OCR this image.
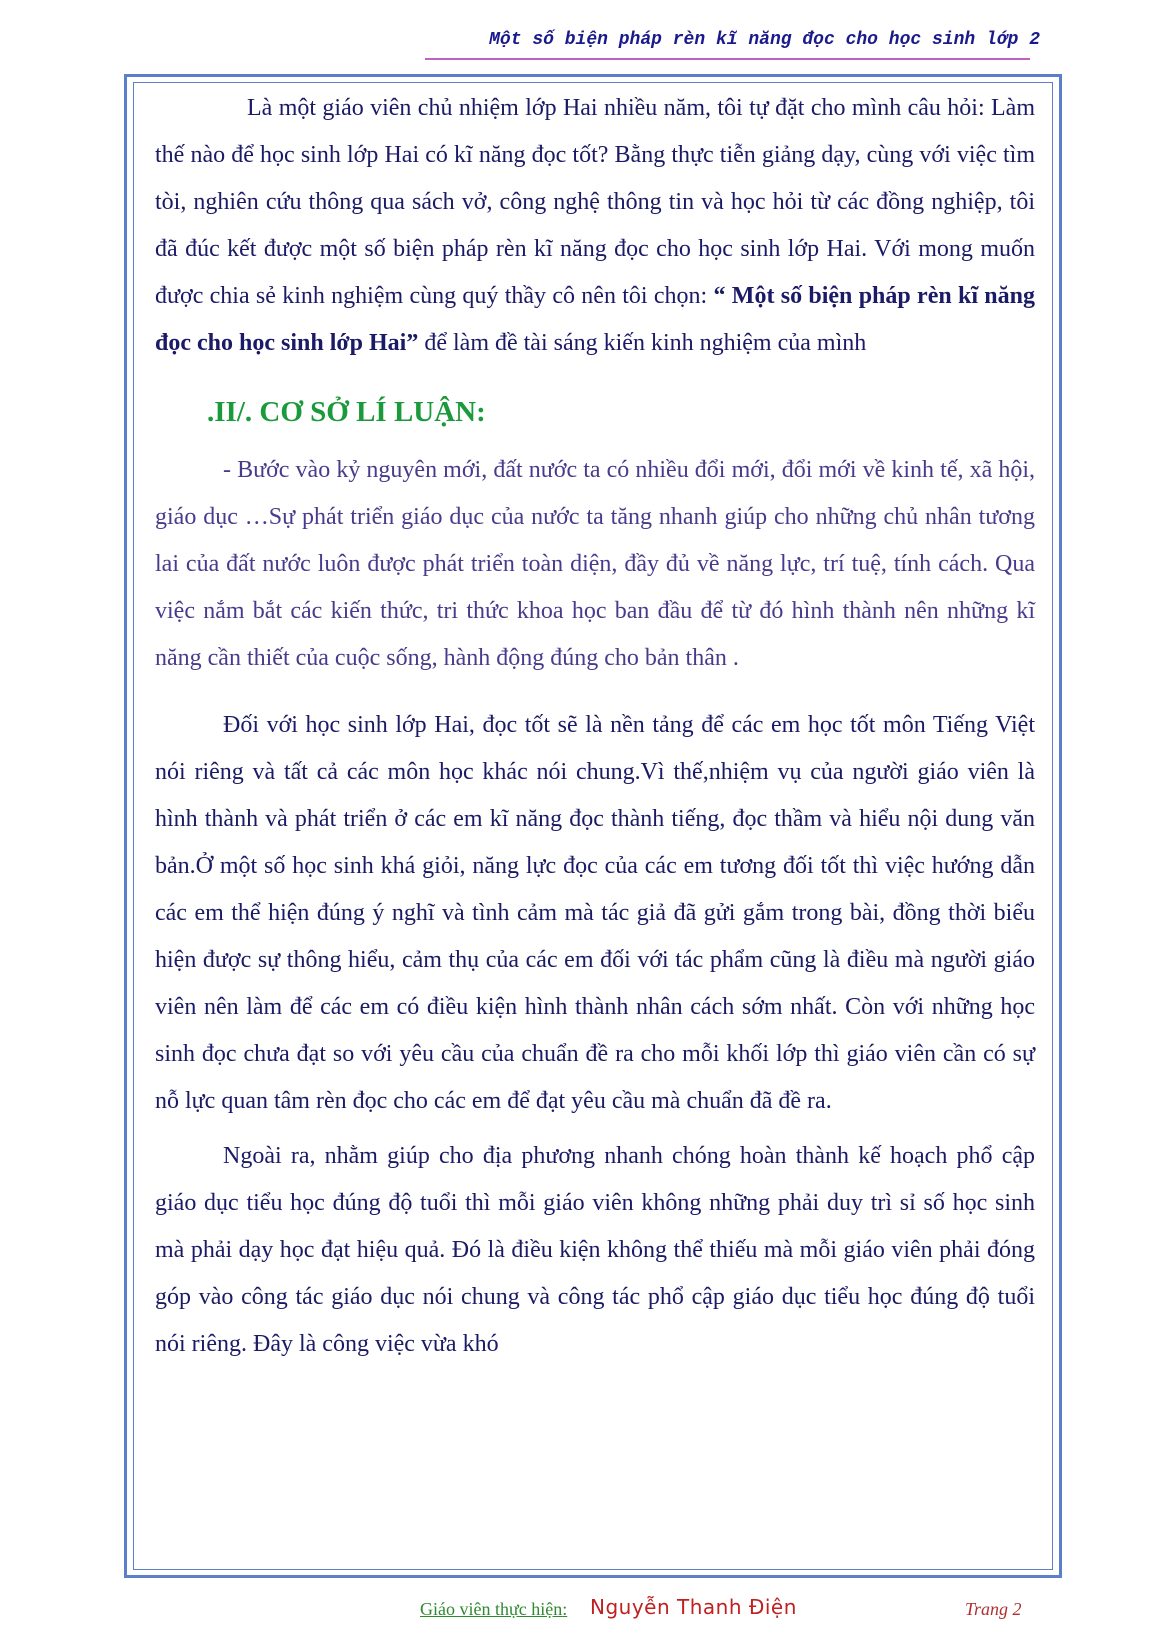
Một số biện pháp rèn kĩ năng đọc cho học sinh lớp 2

Là một giáo viên chủ nhiệm lớp Hai nhiều năm, tôi tự đặt cho mình câu hỏi: Làm thế nào để học sinh lớp Hai có kĩ năng đọc tốt? Bằng thực tiễn giảng dạy, cùng với việc tìm tòi, nghiên cứu thông qua sách vở, công nghệ thông tin và học hỏi từ các đồng nghiệp, tôi đã đúc kết được một số biện pháp rèn kĩ năng đọc cho học sinh lớp Hai. Với mong muốn được chia sẻ kinh nghiệm cùng quý thầy cô nên tôi chọn: “ Một số biện pháp rèn kĩ năng đọc cho học sinh lớp Hai” để làm đề tài sáng kiến kinh nghiệm của mình

.II/. CƠ SỞ LÍ LUẬN:

- Bước vào kỷ nguyên mới, đất nước ta có nhiều đổi mới, đổi mới về kinh tế, xã hội, giáo dục …Sự phát triển giáo dục của nước ta tăng nhanh giúp cho những chủ nhân tương lai của đất nước luôn được phát triển toàn diện, đầy đủ về năng lực, trí tuệ, tính cách. Qua việc nắm bắt các kiến thức, tri thức khoa học ban đầu để từ đó hình thành nên những kĩ năng cần thiết của cuộc sống, hành động đúng cho bản thân .

Đối với học sinh lớp Hai, đọc tốt sẽ là nền tảng để các em học tốt môn Tiếng Việt nói riêng và tất cả các môn học khác nói chung.Vì thế,nhiệm vụ của người giáo viên là hình thành và phát triển ở các em kĩ năng đọc thành tiếng, đọc thầm và hiểu nội dung văn bản.Ở một số học sinh khá giỏi, năng lực đọc của các em tương đối tốt thì việc hướng dẫn các em thể hiện đúng ý nghĩ và tình cảm mà tác giả đã gửi gắm trong bài, đồng thời biểu hiện được sự thông hiểu, cảm thụ của các em đối với tác phẩm cũng là điều mà người giáo viên nên làm để các em có điều kiện hình thành nhân cách sớm nhất. Còn với những học sinh đọc chưa đạt so với yêu cầu của chuẩn đề ra cho mỗi khối lớp thì giáo viên cần có sự nỗ lực quan tâm rèn đọc cho các em để đạt yêu cầu mà chuẩn đã đề ra.

Ngoài ra, nhằm giúp cho địa phương nhanh chóng hoàn thành kế hoạch phổ cập giáo dục tiểu học đúng độ tuổi thì mỗi giáo viên không những phải duy trì sỉ số học sinh mà phải dạy học đạt hiệu quả. Đó là điều kiện không thể thiếu mà mỗi giáo viên phải đóng góp vào công tác giáo dục nói chung và công tác phổ cập giáo dục tiểu học đúng độ tuổi nói riêng. Đây là công việc vừa khó

Giáo viên thực hiện: Nguyễn Thanh Điện	Trang 2
